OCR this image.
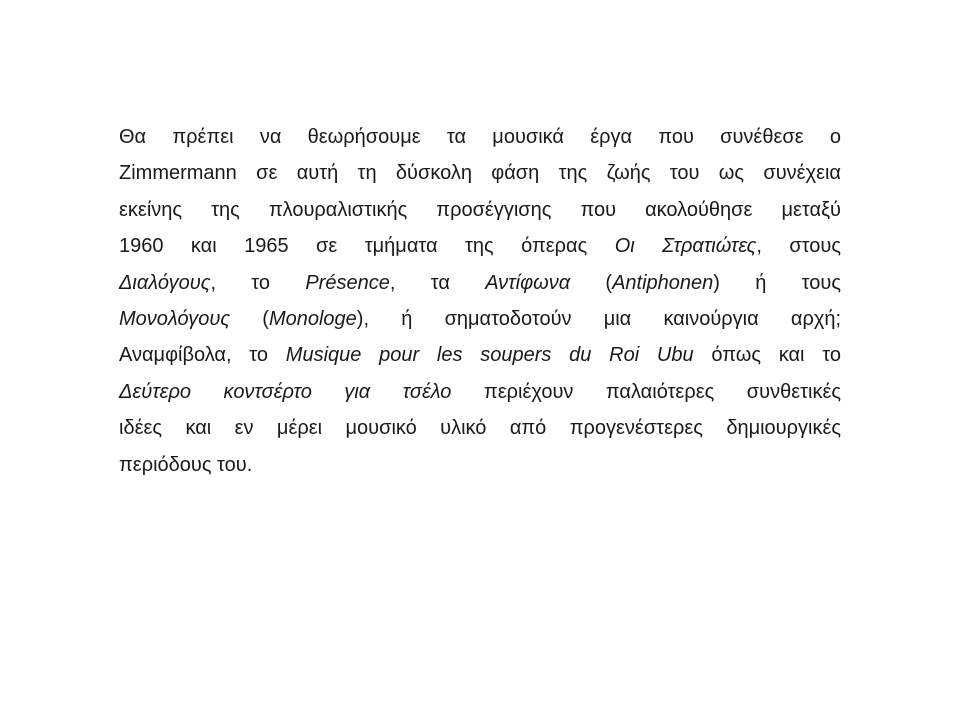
Θα πρέπει να θεωρήσουμε τα μουσικά έργα που συνέθεσε ο
Zimmermann σε αυτή τη δύσκολη φάση της ζωής του ως συνέχεια
εκείνης της πλουραλιστικής προσέγγισης που ακολούθησε μεταξύ
1960 και 1965 σε τμήματα της όπερας Οι Στρατιώτες, στους
Διαλόγους, το Présence, τα Αντίφωνα (Antiphonen) ή τους
Μονολόγους (Monologe), ή σηματοδοτούν μια καινούργια αρχή;
Αναμφίβολα, το Musique pour les soupers du Roi Ubu όπως και το
Δεύτερο κοντσέρτο για τσέλο περιέχουν παλαιότερες συνθετικές
ιδέες και εν μέρει μουσικό υλικό από προγενέστερες δημιουργικές
περιόδους του.
